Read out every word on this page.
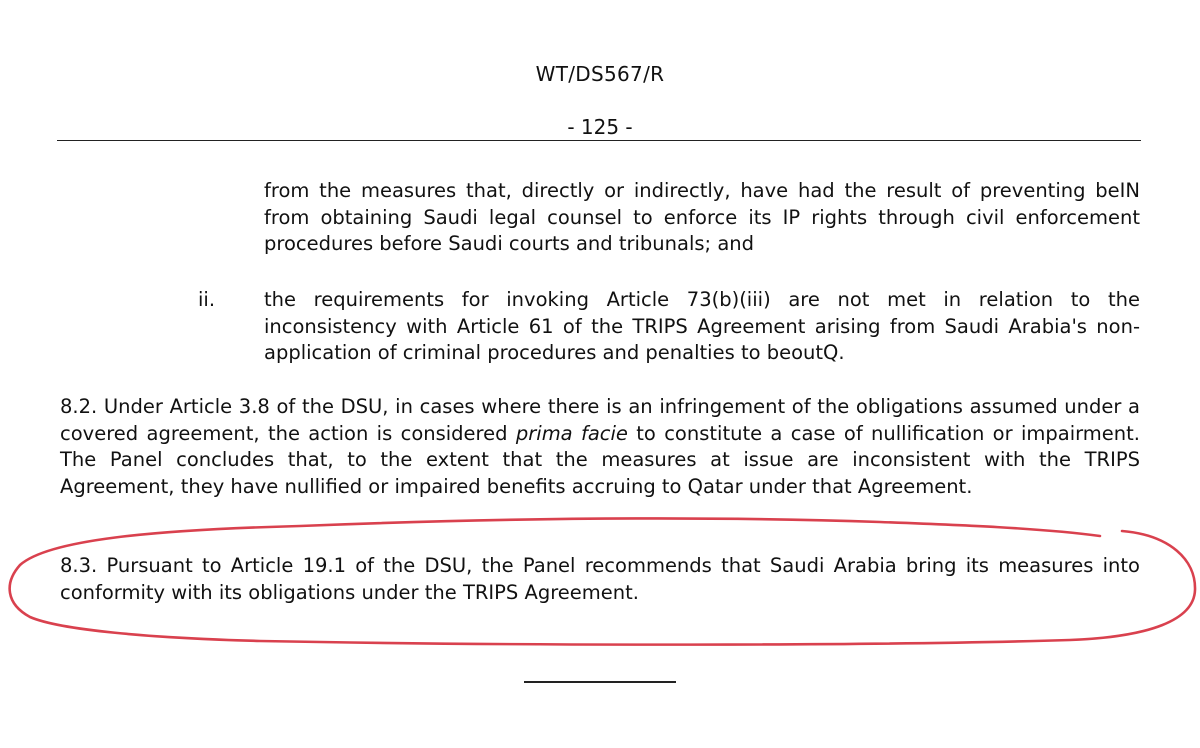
WT/DS567/R
- 125 -

from the measures that, directly or indirectly, have had the result of preventing beIN from obtaining Saudi legal counsel to enforce its IP rights through civil enforcement procedures before Saudi courts and tribunals; and

ii.	the requirements for invoking Article 73(b)(iii) are not met in relation to the inconsistency with Article 61 of the TRIPS Agreement arising from Saudi Arabia's non-application of criminal procedures and penalties to beoutQ.

8.2. Under Article 3.8 of the DSU, in cases where there is an infringement of the obligations assumed under a covered agreement, the action is considered prima facie to constitute a case of nullification or impairment. The Panel concludes that, to the extent that the measures at issue are inconsistent with the TRIPS Agreement, they have nullified or impaired benefits accruing to Qatar under that Agreement.

8.3. Pursuant to Article 19.1 of the DSU, the Panel recommends that Saudi Arabia bring its measures into conformity with its obligations under the TRIPS Agreement.
